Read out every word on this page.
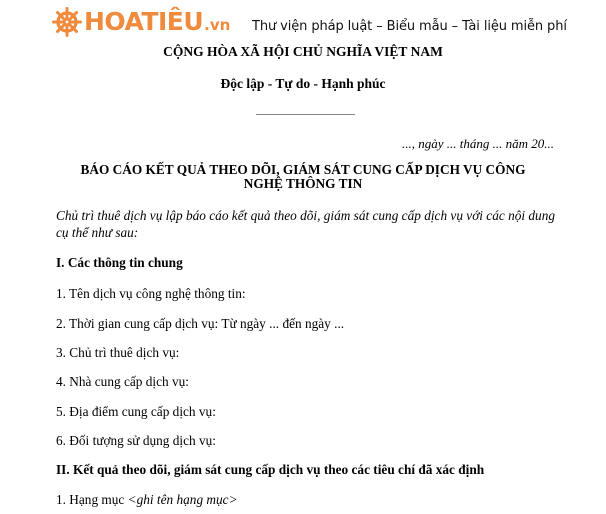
HOATIÊU .vn Thư viện pháp luật – Biểu mẫu – Tài liệu miễn phí
CỘNG HÒA XÃ HỘI CHỦ NGHĨA VIỆT NAM
Độc lập - Tự do - Hạnh phúc
..., ngày ... tháng ... năm 20...
BÁO CÁO KẾT QUẢ THEO DÕI, GIÁM SÁT CUNG CẤP DỊCH VỤ CÔNG NGHỆ THÔNG TIN
Chủ trì thuê dịch vụ lập báo cáo kết quả theo dõi, giám sát cung cấp dịch vụ với các nội dung cụ thể như sau:
I. Các thông tin chung
1. Tên dịch vụ công nghệ thông tin:
2. Thời gian cung cấp dịch vụ: Từ ngày ... đến ngày ...
3. Chủ trì thuê dịch vụ:
4. Nhà cung cấp dịch vụ:
5. Địa điểm cung cấp dịch vụ:
6. Đối tượng sử dụng dịch vụ:
II. Kết quả theo dõi, giám sát cung cấp dịch vụ theo các tiêu chí đã xác định
1. Hạng mục <ghi tên hạng mục>
